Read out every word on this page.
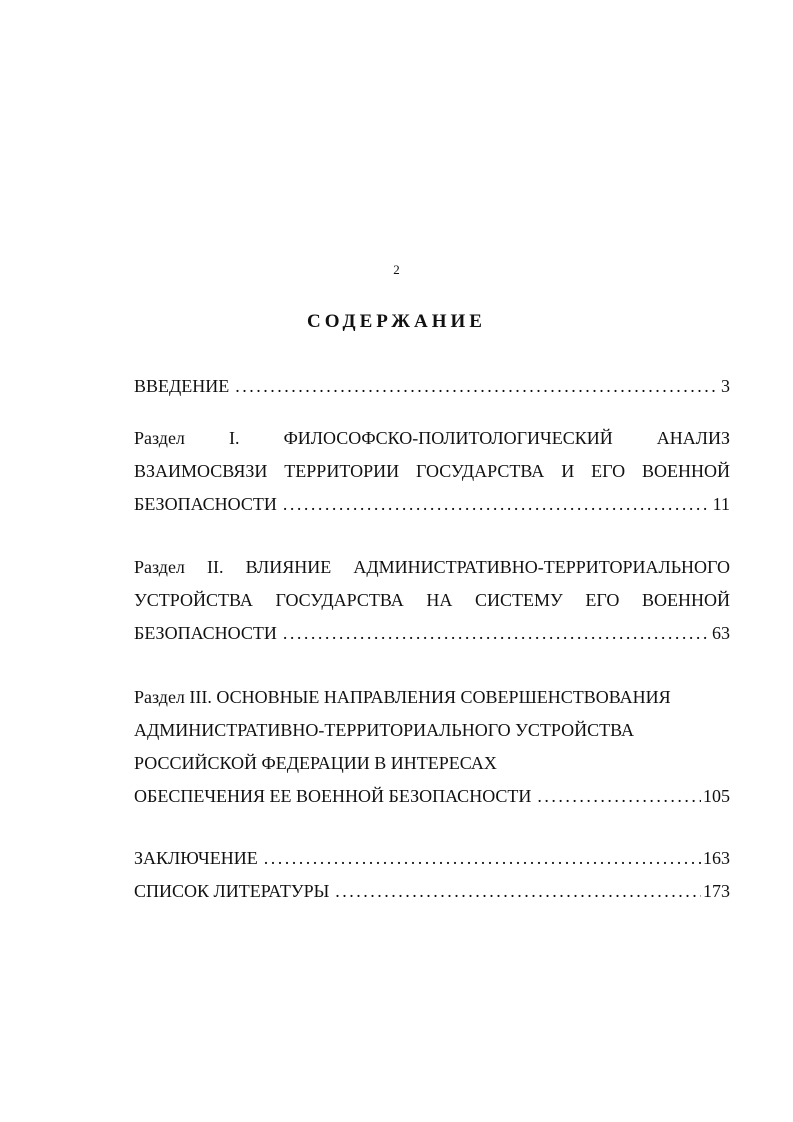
2
СОДЕРЖАНИЕ
ВВЕДЕНИЕ . . .	3
Раздел I. ФИЛОСОФСКО-ПОЛИТОЛОГИЧЕСКИЙ АНАЛИЗ
ВЗАИМОСВЯЗИ ТЕРРИТОРИИ ГОСУДАРСТВА И ЕГО ВОЕННОЙ
БЕЗОПАСНОСТИ . . .	11
Раздел II. ВЛИЯНИЕ АДМИНИСТРАТИВНО-ТЕРРИТОРИАЛЬНОГО
УСТРОЙСТВА ГОСУДАРСТВА НА СИСТЕМУ ЕГО ВОЕННОЙ
БЕЗОПАСНОСТИ . . .	63
Раздел III. ОСНОВНЫЕ НАПРАВЛЕНИЯ СОВЕРШЕНСТВОВАНИЯ
АДМИНИСТРАТИВНО-ТЕРРИТОРИАЛЬНОГО УСТРОЙСТВА
РОССИЙСКОЙ ФЕДЕРАЦИИ В ИНТЕРЕСАХ
ОБЕСПЕЧЕНИЯ ЕЕ ВОЕННОЙ БЕЗОПАСНОСТИ . . .	105
ЗАКЛЮЧЕНИЕ . . .	163
СПИСОК ЛИТЕРАТУРЫ . . .	173
